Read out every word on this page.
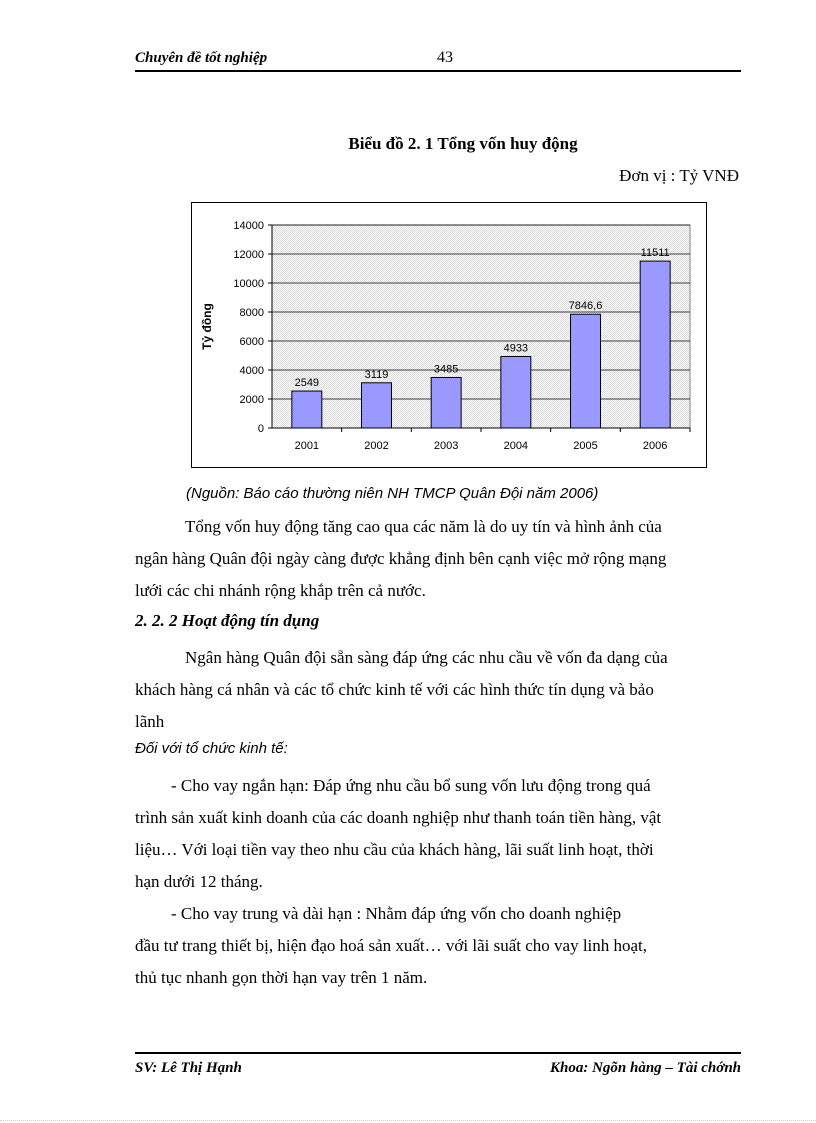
Chuyên đề tốt nghiệp	43
Biểu đồ 2. 1 Tổng vốn huy động
Đơn vị : Tỷ VNĐ
0
2000
4000
6000
8000
10000
12000
14000
2549
2001
3119
2002
3485
2003
4933
2004
7846,6
2005
11511
2006
Tỷ đồng
(Nguồn: Báo cáo thường niên NH TMCP Quân Đội năm 2006)
Tổng vốn huy động tăng cao qua các năm là do uy tín và hình ảnh của
ngân hàng Quân đội ngày càng được khẳng định bên cạnh việc mở rộng mạng
lưới các chi nhánh rộng khắp trên cả nước.
2. 2. 2 Hoạt động tín dụng
Ngân hàng Quân đội sẵn sàng đáp ứng các nhu cầu về vốn đa dạng của
khách hàng cá nhân và các tổ chức kinh tế với các hình thức tín dụng và bảo
lãnh
Đối với tổ chức kinh tế:
- Cho vay ngắn hạn: Đáp ứng nhu cầu bổ sung vốn lưu động trong quá
trình sản xuất kinh doanh của các doanh nghiệp như thanh toán tiền hàng, vật
liệu… Với loại tiền vay theo nhu cầu của khách hàng, lãi suất linh hoạt, thời
hạn dưới 12 tháng.
- Cho vay trung và dài hạn : Nhằm đáp ứng vốn cho doanh nghiệp
đầu tư trang thiết bị, hiện đạo hoá sản xuất… với lãi suất cho vay linh hoạt,
thủ tục nhanh gọn thời hạn vay trên 1 năm.
SV: Lê Thị Hạnh	Khoa: Ngõn hàng – Tài chớnh
